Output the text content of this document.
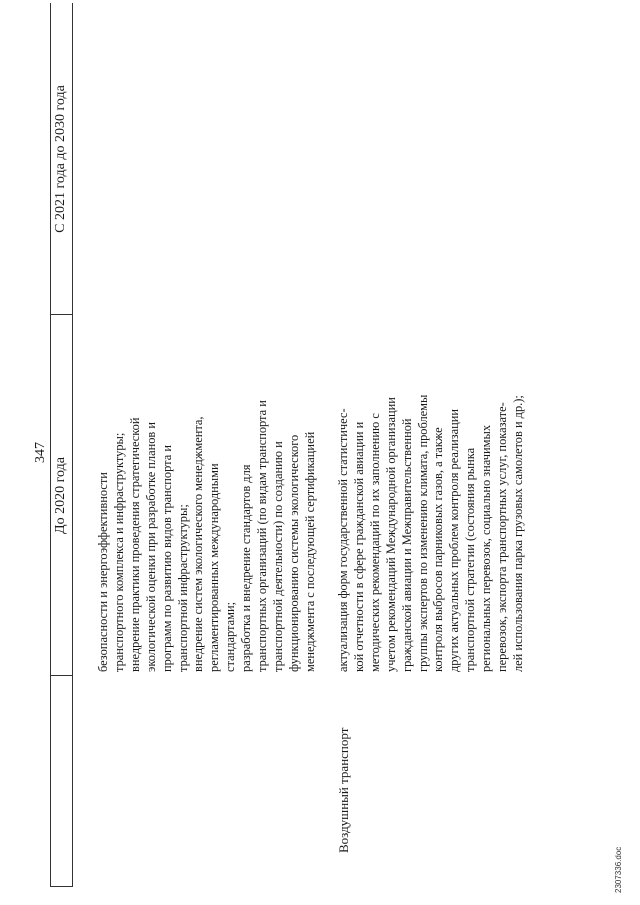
347
До 2020 года
С 2021 года до 2030 года
безопасности и энергоэффективности транспортного комплекса и инфраструктуры; внедрение практики проведения стратегической экологической оценки при разработке планов и программ по развитию видов транспорта и транспортной инфраструктуры; внедрение систем экологического менеджмента, регламентированных международными стандартами; разработка и внедрение стандартов для транспортных организаций (по видам транспорта и транспортной деятельности) по созданию и функционированию системы экологического менеджмента с последующей сертификацией
Воздушный транспорт
актуализация форм государственной статистичес- кой отчетности в сфере гражданской авиации и методических рекомендаций по их заполнению с учетом рекомендаций Международной организации гражданской авиации и Межправительственной группы экспертов по изменению климата, проблемы контроля выбросов парниковых газов, а также других актуальных проблем контроля реализации транспортной стратегии (состояния рынка региональных перевозок, социально значимых перевозок, экспорта транспортных услуг, показате- лей использования парка грузовых самолетов и др.);
2307336.doc
